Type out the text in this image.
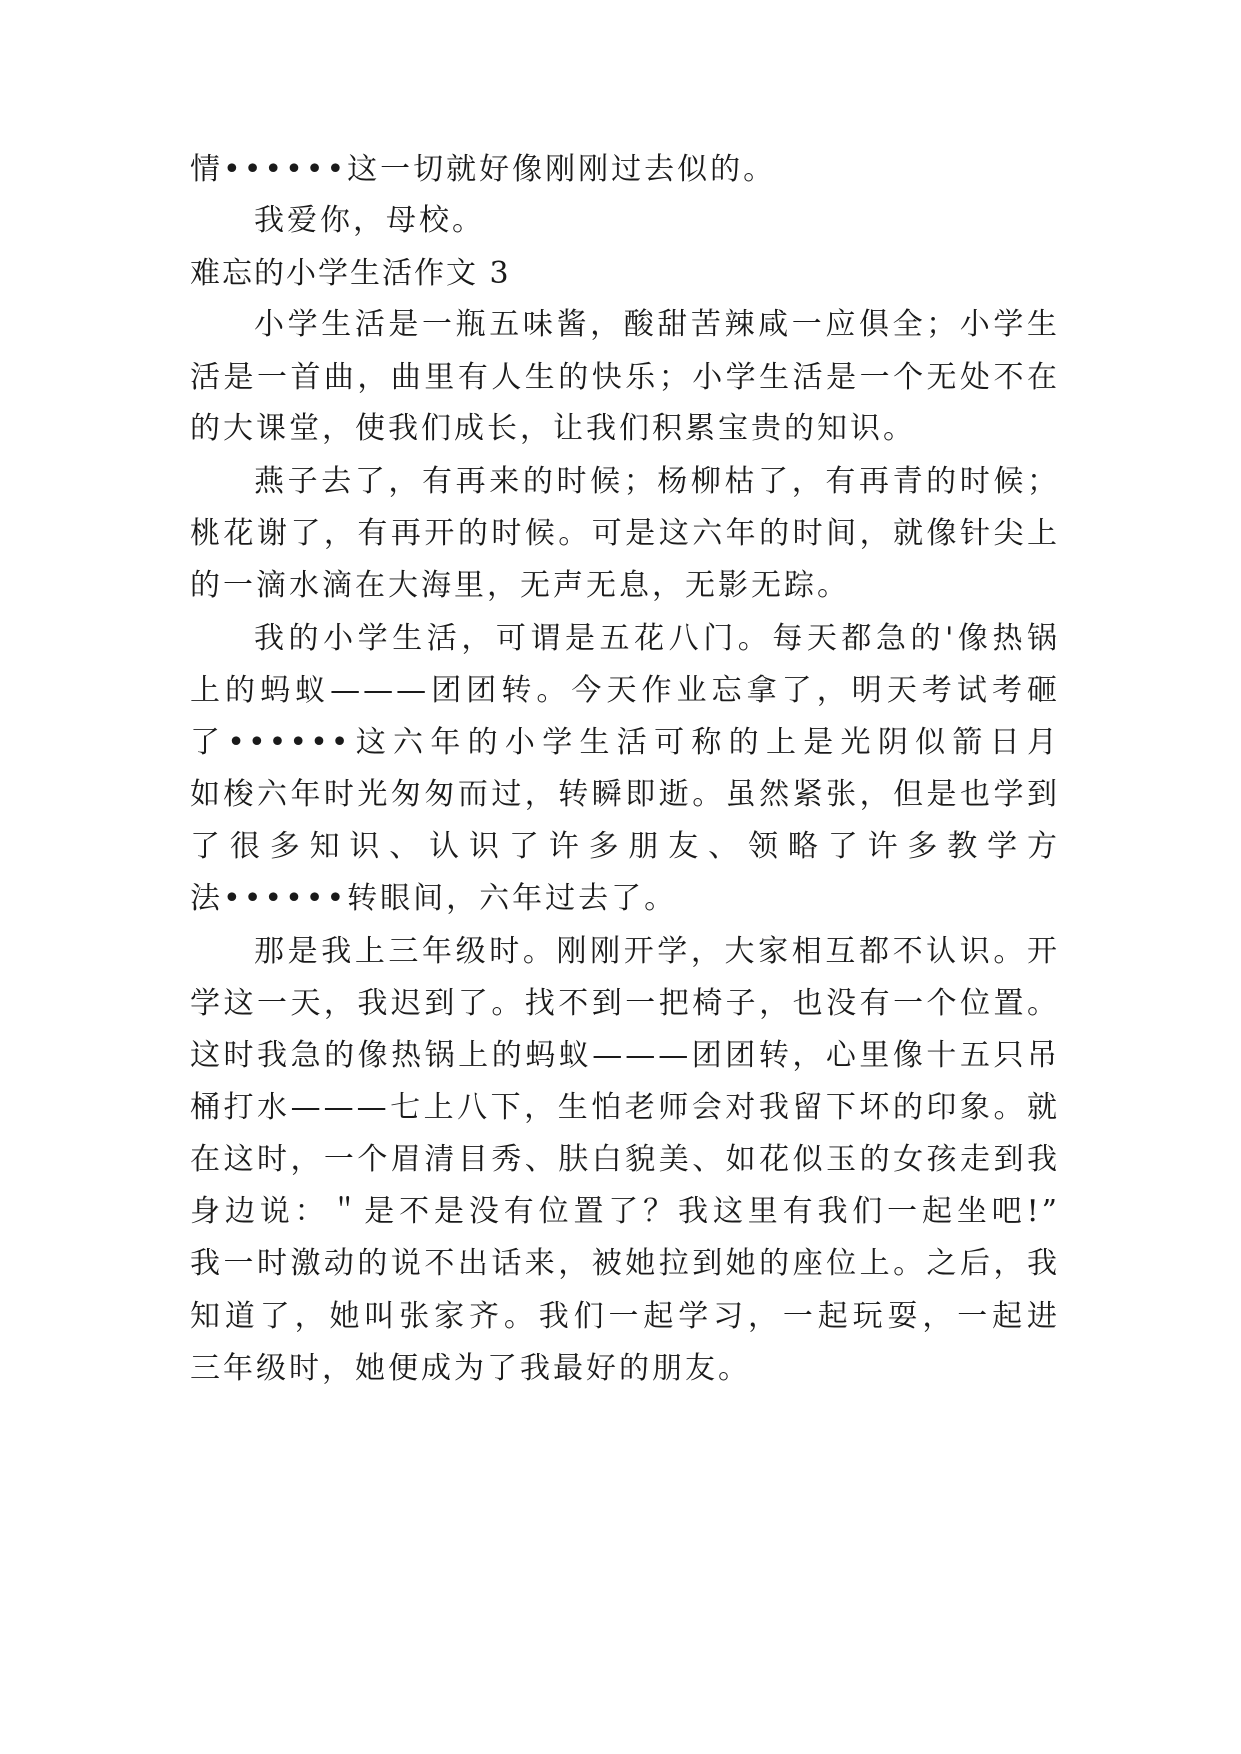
情••••••这一切就好像刚刚过去似的。
我爱你，母校。
难忘的小学生活作文 3
小学生活是一瓶五味酱，酸甜苦辣咸一应俱全；小学生
活是一首曲，曲里有人生的快乐；小学生活是一个无处不在
的大课堂，使我们成长，让我们积累宝贵的知识。
燕子去了，有再来的时候；杨柳枯了，有再青的时候；
桃花谢了，有再开的时候。可是这六年的时间，就像针尖上
的一滴水滴在大海里，无声无息，无影无踪。
我的小学生活，可谓是五花八门。每天都急的'像热锅
上的蚂蚁———团团转。今天作业忘拿了，明天考试考砸
了••••••这六年的小学生活可称的上是光阴似箭日月
如梭六年时光匆匆而过，转瞬即逝。虽然紧张，但是也学到
了很多知识、认识了许多朋友、领略了许多教学方
法••••••转眼间，六年过去了。
那是我上三年级时。刚刚开学，大家相互都不认识。开
学这一天，我迟到了。找不到一把椅子，也没有一个位置。
这时我急的像热锅上的蚂蚁———团团转，心里像十五只吊
桶打水———七上八下，生怕老师会对我留下坏的印象。就
在这时，一个眉清目秀、肤白貌美、如花似玉的女孩走到我
身边说：＂是不是没有位置了？我这里有我们一起坐吧!”
我一时激动的说不出话来，被她拉到她的座位上。之后，我
知道了，她叫张家齐。我们一起学习，一起玩耍，一起进
三年级时，她便成为了我最好的朋友。
